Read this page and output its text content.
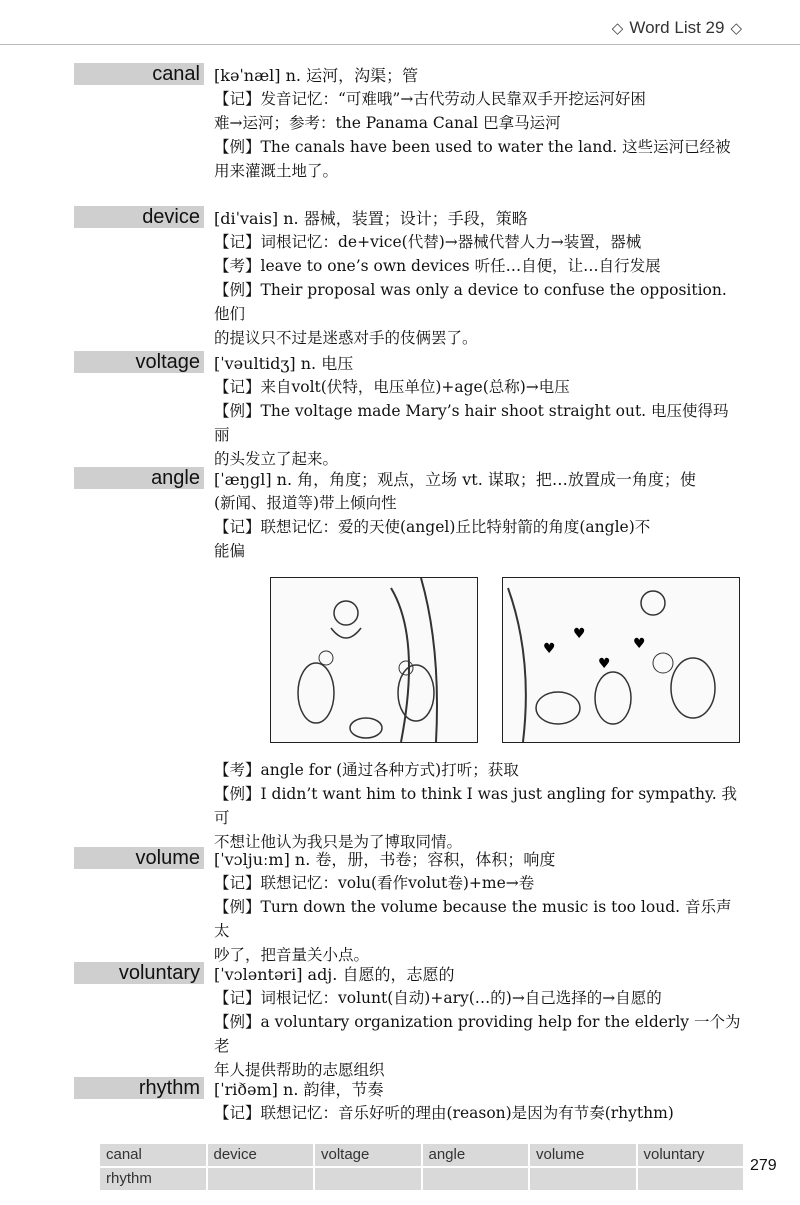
◇ Word List 29 ◇
canal [kəˈnæl] n. 运河，沟渠；管
【记】发音记忆：“可难哦”→古代劳动人民靠双手开挖运河好困
难→运河；参考：the Panama Canal 巴拿马运河
【例】The canals have been used to water the land. 这些运河已经被
用来灌溉土地了。
device [diˈvais] n. 器械，装置；设计；手段，策略
【记】词根记忆：de+vice(代替)→器械代替人力→装置，器械
【考】leave to one’s own devices 听任…自便，让…自行发展
【例】Their proposal was only a device to confuse the opposition. 他们
的提议只不过是迷惑对手的伎俩罢了。
voltage [ˈvəultidʒ] n. 电压
【记】来自volt(伏特，电压单位)+age(总称)→电压
【例】The voltage made Mary’s hair shoot straight out. 电压使得玛丽
的头发立了起来。
angle [ˈæŋgl] n. 角，角度；观点，立场 vt. 谋取；把…放置成一角度；使
(新闻、报道等)带上倾向性
【记】联想记忆：爱的天使(angel)丘比特射箭的角度(angle)不
能偏
♥
♥
♥
♥
【考】angle for (通过各种方式)打听；获取
【例】I didn’t want him to think I was just angling for sympathy. 我可
不想让他认为我只是为了博取同情。
volume [ˈvɔljuːm] n. 卷，册，书卷；容积，体积；响度
【记】联想记忆：volu(看作volut卷)+me→卷
【例】Turn down the volume because the music is too loud. 音乐声太
吵了，把音量关小点。
voluntary [ˈvɔləntəri] adj. 自愿的，志愿的
【记】词根记忆：volunt(自动)+ary(…的)→自己选择的→自愿的
【例】a voluntary organization providing help for the elderly 一个为老
年人提供帮助的志愿组织
rhythm [ˈriðəm] n. 韵律，节奏
【记】联想记忆：音乐好听的理由(reason)是因为有节奏(rhythm)
canal	device	voltage	angle	volume	voluntary
rhythm
279
